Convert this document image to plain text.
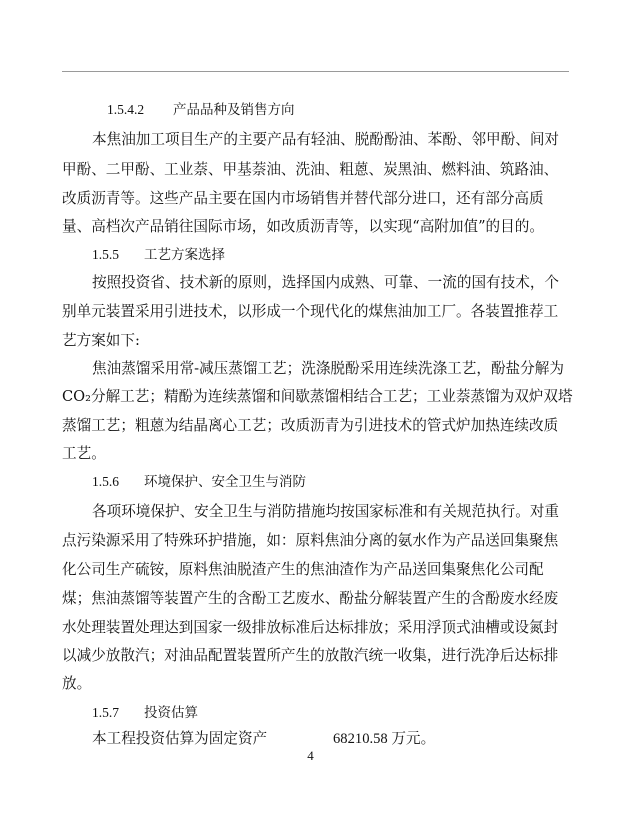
1.5.4.2 产品品种及销售方向
本焦油加工项目生产的主要产品有轻油、脱酚酚油、苯酚、邻甲酚、间对
甲酚、二甲酚、工业萘、甲基萘油、洗油、粗蒽、炭黑油、燃料油、筑路油、
改质沥青等。这些产品主要在国内市场销售并替代部分进口，还有部分高质
量、高档次产品销往国际市场，如改质沥青等，以实现“高附加值”的目的。
1.5.5 工艺方案选择
按照投资省、技术新的原则，选择国内成熟、可靠、一流的国有技术，个
别单元装置采用引进技术，以形成一个现代化的煤焦油加工厂。各装置推荐工
艺方案如下:
焦油蒸馏采用常-减压蒸馏工艺；洗涤脱酚采用连续洗涤工艺，酚盐分解为
CO₂分解工艺；精酚为连续蒸馏和间歇蒸馏相结合工艺；工业萘蒸馏为双炉双塔
蒸馏工艺；粗蒽为结晶离心工艺；改质沥青为引进技术的管式炉加热连续改质
工艺。
1.5.6 环境保护、安全卫生与消防
各项环境保护、安全卫生与消防措施均按国家标准和有关规范执行。对重
点污染源采用了特殊环护措施，如：原料焦油分离的氨水作为产品送回集聚焦
化公司生产硫铵，原料焦油脱渣产生的焦油渣作为产品送回集聚焦化公司配
煤；焦油蒸馏等装置产生的含酚工艺废水、酚盐分解装置产生的含酚废水经废
水处理装置处理达到国家一级排放标准后达标排放；采用浮顶式油槽或设氮封
以减少放散汽；对油品配置装置所产生的放散汽统一收集，进行洗净后达标排
放。
1.5.7 投资估算
本工程投资估算为固定资产	68210.58 万元。
4
